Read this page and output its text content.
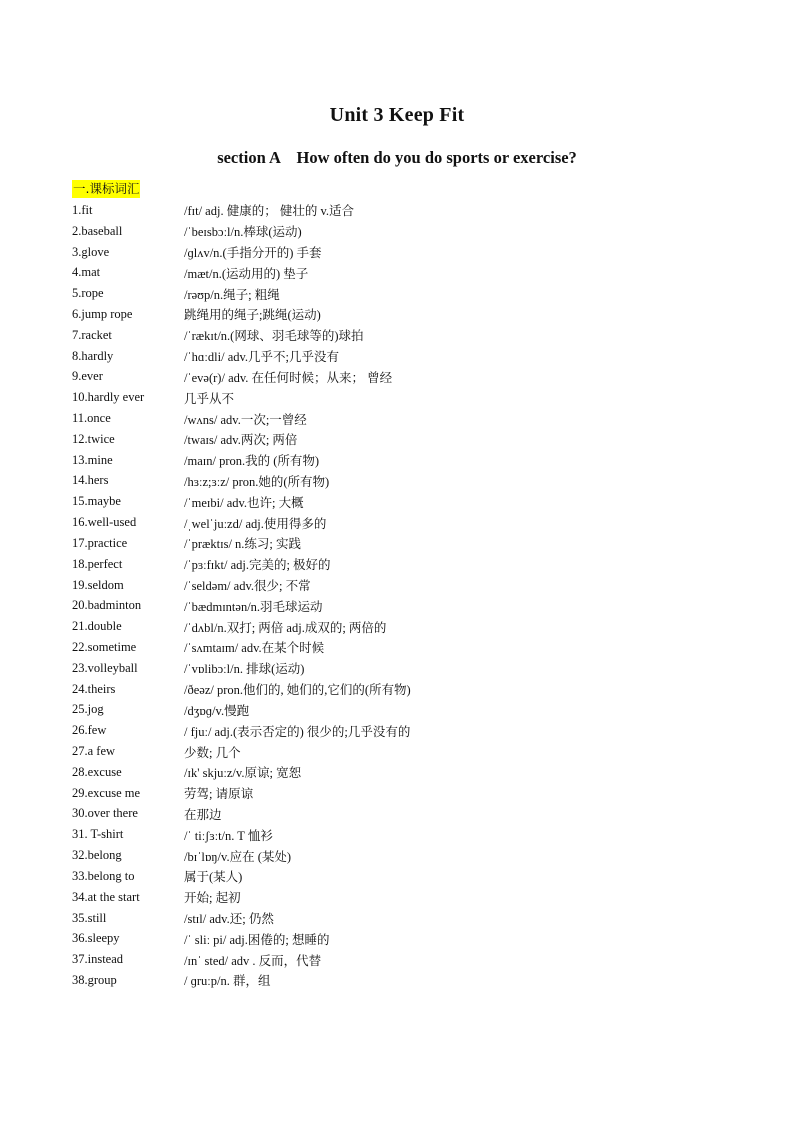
Unit 3 Keep Fit
section A    How often do you do sports or exercise?
一.课标词汇
1.fit	/fɪt/ adj. 健康的； 健壮的 v.适合
2.baseball	/ˈbeɪsbɔːl/n.棒球(运动)
3.glove	/ɡlʌv/n.(手指分开的) 手套
4.mat	/mæt/n.(运动用的) 垫子
5.rope	/rəʊp/n.绳子; 粗绳
6.jump rope	跳绳用的绳子;跳绳(运动)
7.racket	/ˈrækɪt/n.(网球、羽毛球等的)球拍
8.hardly	/ˈhɑːdli/ adv.几乎不;几乎没有
9.ever	/ˈevə(r)/ adv. 在任何时候；从来； 曾经
10.hardly ever	几乎从不
11.once	/wʌns/ adv.一次;一曾经
12.twice	/twaɪs/ adv.两次; 两倍
13.mine	/maɪn/ pron.我的 (所有物)
14.hers	/hɜːz;ɜːz/ pron.她的(所有物)
15.maybe	/ˈmeɪbi/ adv.也许; 大概
16.well-used	/ˌwelˈjuːzd/ adj.使用得多的
17.practice	/ˈpræktɪs/ n.练习; 实践
18.perfect	/ˈpɜːfɪkt/ adj.完美的; 极好的
19.seldom	/ˈseldəm/ adv.很少; 不常
20.badminton	/ˈbædmɪntən/n.羽毛球运动
21.double	/ˈdʌbl/n.双打; 两倍 adj.成双的; 两倍的
22.sometime	/ˈsʌmtaɪm/ adv.在某个时候
23.volleyball	/ˈvɒlibɔːl/n. 排球(运动)
24.theirs	/ðeəz/ pron.他们的, 她们的,它们的(所有物)
25.jog	/dʒɒɡ/v.慢跑
26.few	/ fjuː/ adj.(表示否定的) 很少的;几乎没有的
27.a few	少数; 几个
28.excuse	/ɪk' skjuːz/v.原谅; 宽恕
29.excuse me	劳驾; 请原谅
30.over there	在那边
31. T-shirt	/ˈ tiːʃɜːt/n. T 恤衫
32.belong	/bɪˈlɒŋ/v.应在 (某处)
33.belong to	属于(某人)
34.at the start	开始; 起初
35.still	/stɪl/ adv.还; 仍然
36.sleepy	/ˈ sliː pi/ adj.困倦的; 想睡的
37.instead	/ɪnˈ sted/ adv . 反而，代替
38.group	/ ɡruːp/n. 群，组
